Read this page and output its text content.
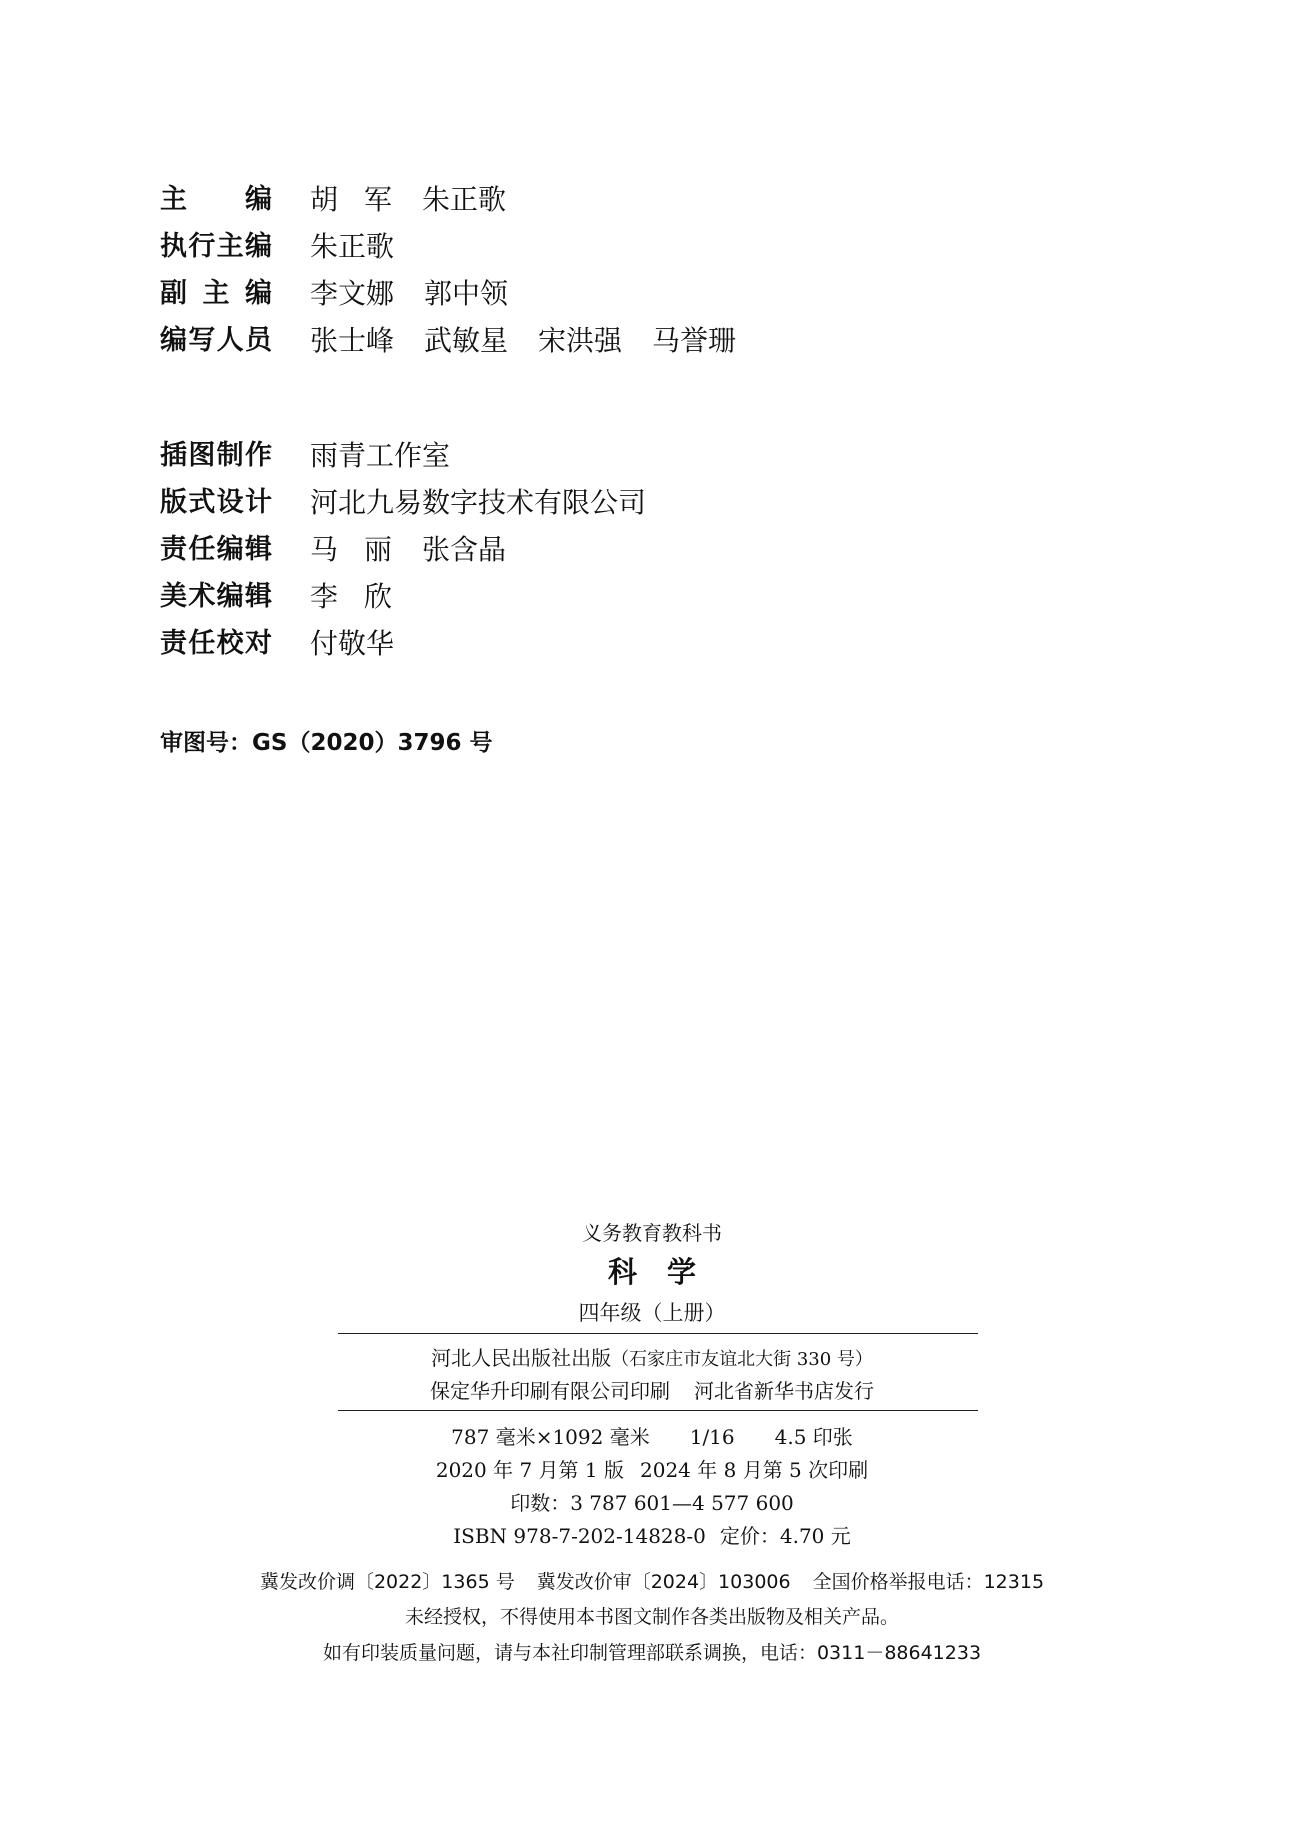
主编 胡军 朱正歌
执行主编 朱正歌
副主编 李文娜 郭中领
编写人员 张士峰 武敏星 宋洪强 马誉珊
插图制作 雨青工作室
版式设计 河北九易数字技术有限公司
责任编辑 马丽 张含晶
美术编辑 李欣
责任校对 付敬华
审图号：GS（2020）3796 号
义务教育教科书
科学
四年级（上册）
河北人民出版社出版（石家庄市友谊北大街 330 号）
保定华升印刷有限公司印刷 河北省新华书店发行
787 毫米×1092 毫米 1/16 4.5 印张
2020 年 7 月第 1 版 2024 年 8 月第 5 次印刷
印数：3 787 601—4 577 600
ISBN 978-7-202-14828-0 定价：4.70 元
冀发改价调〔2022〕1365 号 冀发改价审〔2024〕103006 全国价格举报电话：12315
未经授权，不得使用本书图文制作各类出版物及相关产品。
如有印装质量问题，请与本社印制管理部联系调换，电话：0311－88641233
